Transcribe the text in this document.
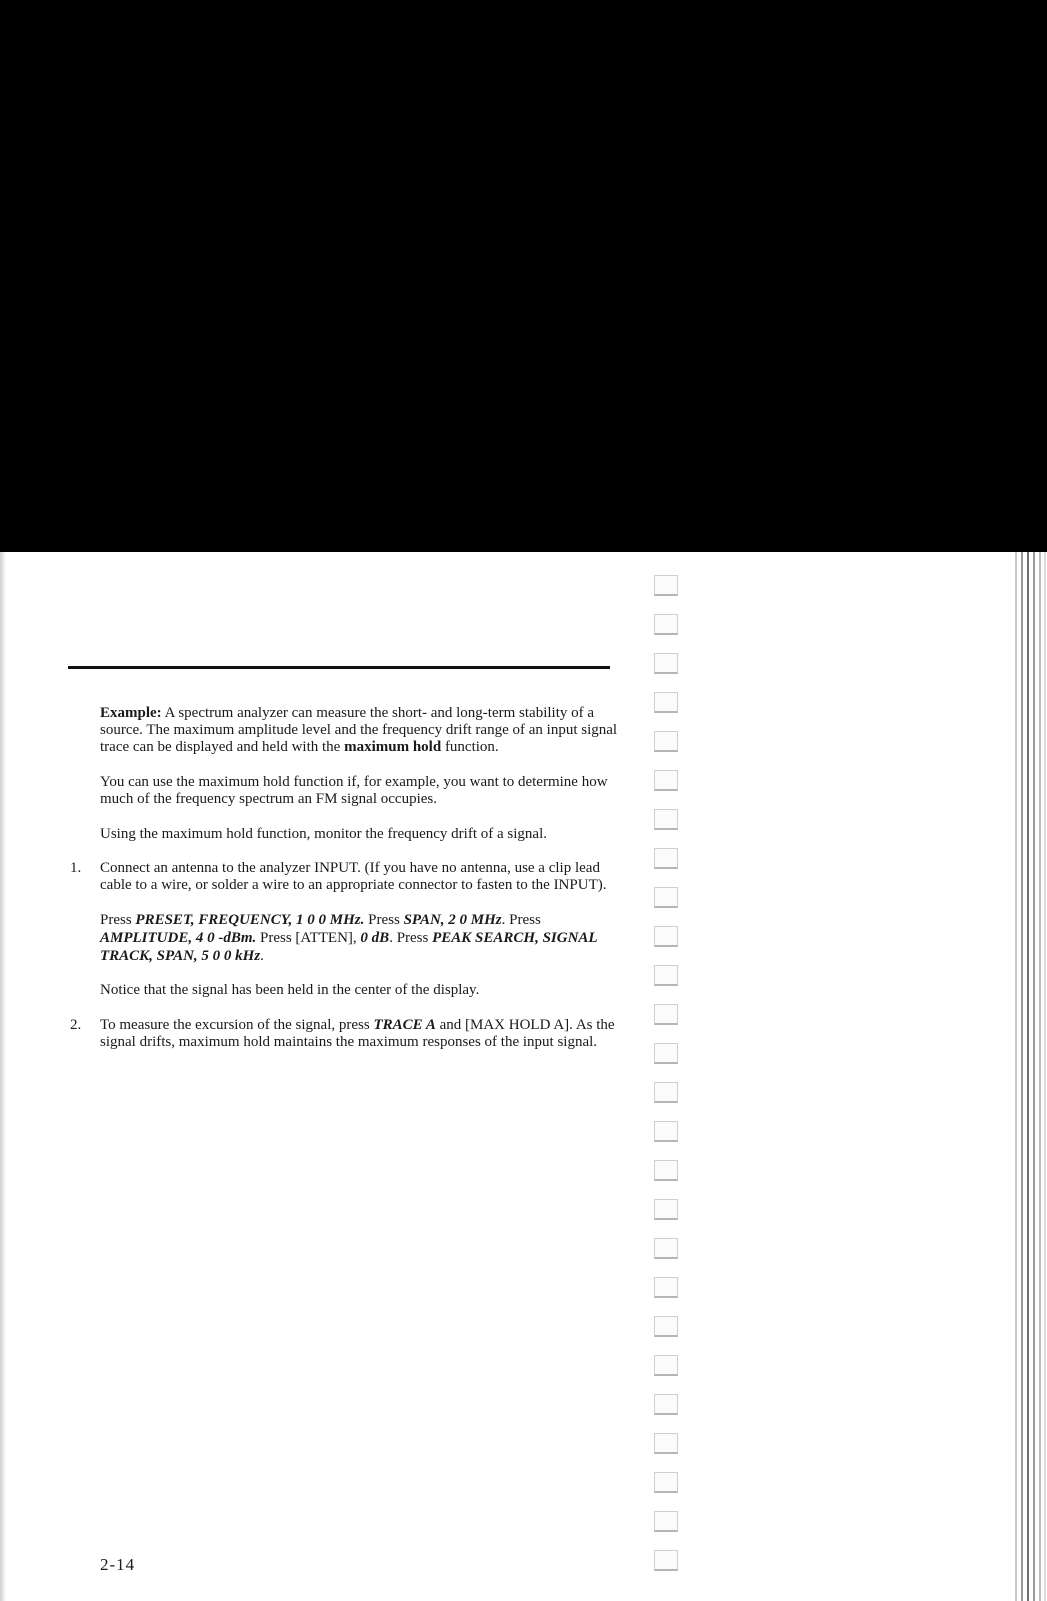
Example: A spectrum analyzer can measure the short- and long-term stability of a source. The maximum amplitude level and the frequency drift range of an input signal trace can be displayed and held with the maximum hold function.

You can use the maximum hold function if, for example, you want to determine how much of the frequency spectrum an FM signal occupies.

Using the maximum hold function, monitor the frequency drift of a signal.

1. Connect an antenna to the analyzer INPUT. (If you have no antenna, use a clip lead cable to a wire, or solder a wire to an appropriate connector to fasten to the INPUT).

Press PRESET, FREQUENCY, 1 0 0 MHz. Press SPAN, 2 0 MHz. Press AMPLITUDE, 4 0 -dBm. Press [ATTEN], 0 dB. Press PEAK SEARCH, SIGNAL TRACK, SPAN, 5 0 0 kHz.

Notice that the signal has been held in the center of the display.

2. To measure the excursion of the signal, press TRACE A and [MAX HOLD A]. As the signal drifts, maximum hold maintains the maximum responses of the input signal.

2-14
